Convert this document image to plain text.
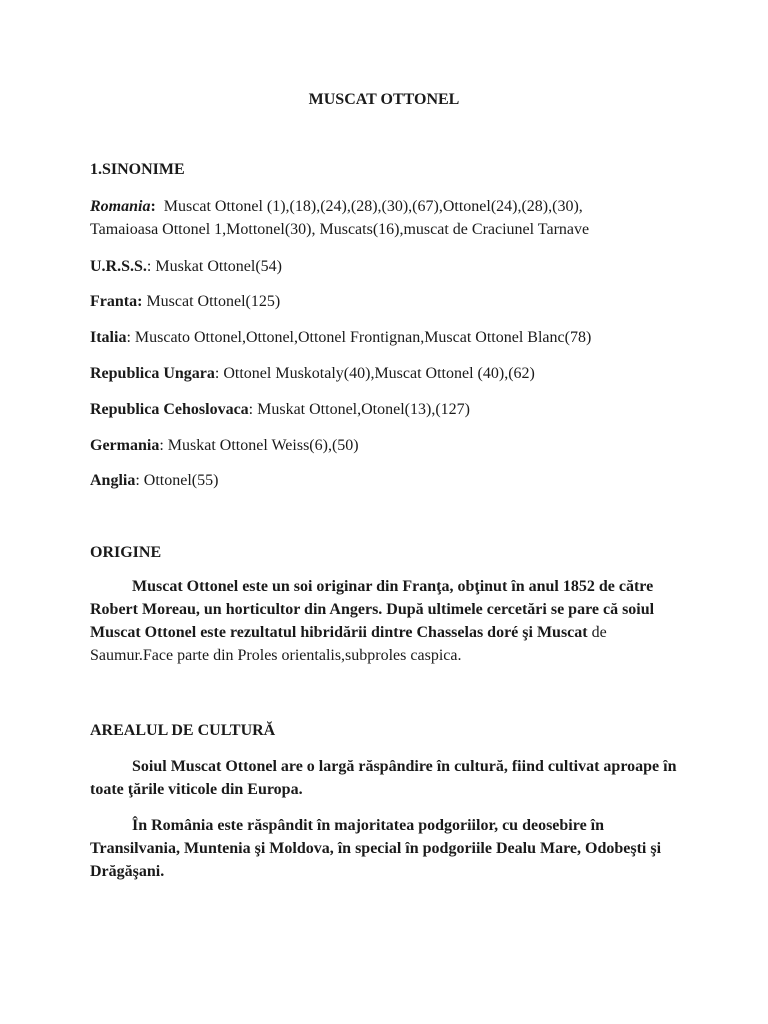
MUSCAT OTTONEL
1.SINONIME
Romania:  Muscat Ottonel (1),(18),(24),(28),(30),(67),Ottonel(24),(28),(30),
Tamaioasa Ottonel 1,Mottonel(30), Muscats(16),muscat de Craciunel Tarnave
U.R.S.S.: Muskat Ottonel(54)
Franta: Muscat Ottonel(125)
Italia: Muscato Ottonel,Ottonel,Ottonel Frontignan,Muscat Ottonel Blanc(78)
Republica Ungara: Ottonel Muskotaly(40),Muscat Ottonel (40),(62)
Republica Cehoslovaca: Muskat Ottonel,Otonel(13),(127)
Germania: Muskat Ottonel Weiss(6),(50)
Anglia: Ottonel(55)
ORIGINE

Muscat Ottonel este un soi originar din Franţa, obţinut în anul 1852 de către Robert Moreau, un horticultor din Angers. După ultimele cercetări se pare că soiul Muscat Ottonel este rezultatul hibridării dintre Chasselas doré şi Muscat de Saumur.Face parte din Proles orientalis,subproles caspica.

AREALUL DE CULTURĂ

Soiul Muscat Ottonel are o largă răspândire în cultură, fiind cultivat aproape în toate ţările viticole din Europa.

În România este răspândit în majoritatea podgoriilor, cu deosebire în Transilvania, Muntenia şi Moldova, în special în podgoriile Dealu Mare, Odobeşti şi Drăgăşani.
